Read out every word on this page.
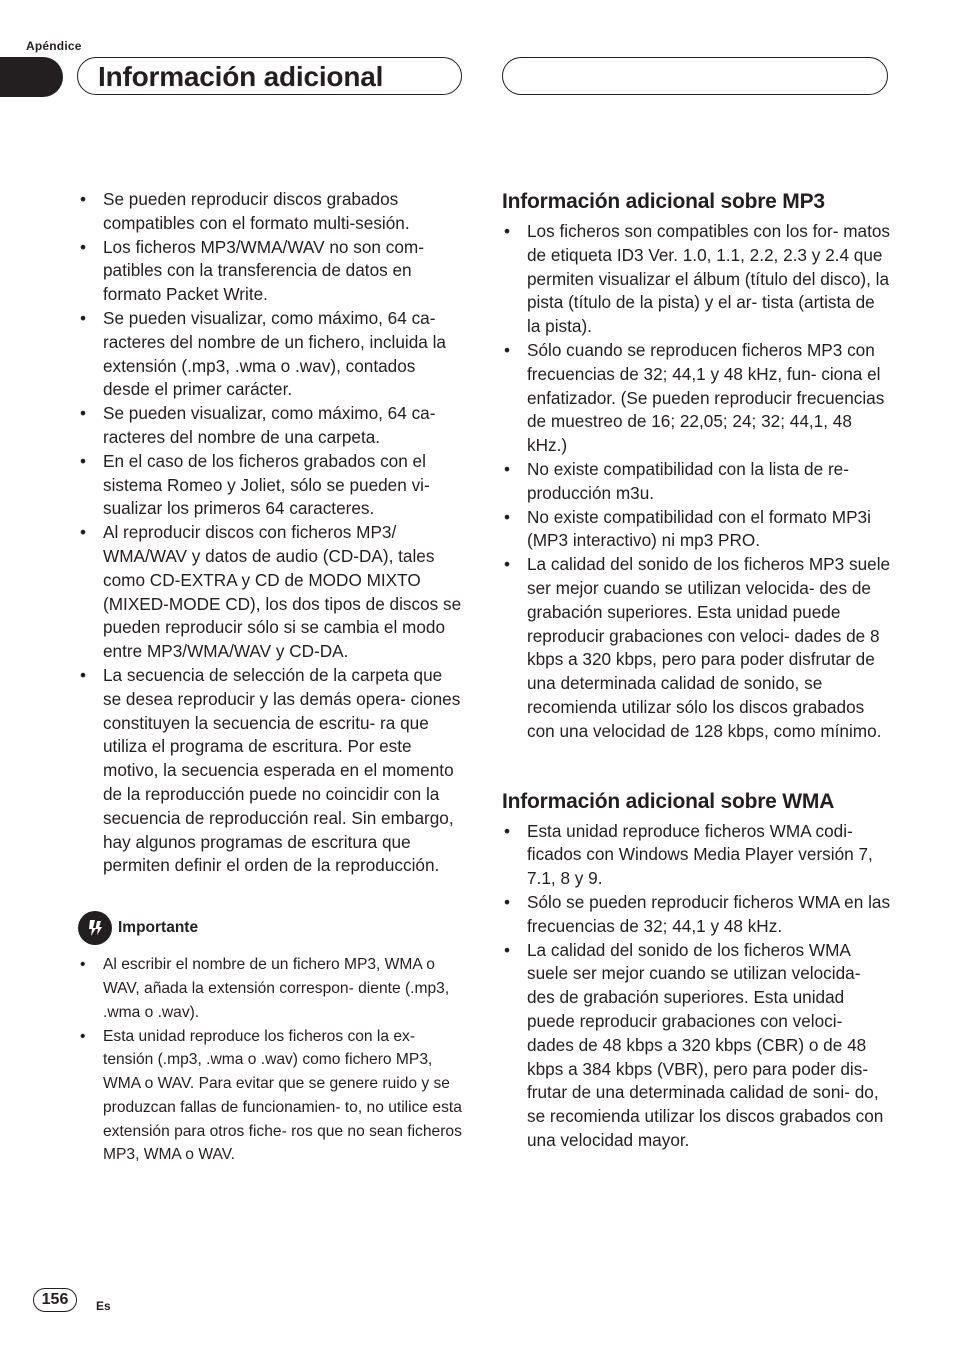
Apéndice
Información adicional
• Se pueden reproducir discos grabados compatibles con el formato multi-sesión.
• Los ficheros MP3/WMA/WAV no son com- patibles con la transferencia de datos en formato Packet Write.
• Se pueden visualizar, como máximo, 64 ca- racteres del nombre de un fichero, incluida la extensión (.mp3, .wma o .wav), contados desde el primer carácter.
• Se pueden visualizar, como máximo, 64 ca- racteres del nombre de una carpeta.
• En el caso de los ficheros grabados con el sistema Romeo y Joliet, sólo se pueden vi- sualizar los primeros 64 caracteres.
• Al reproducir discos con ficheros MP3/ WMA/WAV y datos de audio (CD-DA), tales como CD-EXTRA y CD de MODO MIXTO (MIXED-MODE CD), los dos tipos de discos se pueden reproducir sólo si se cambia el modo entre MP3/WMA/WAV y CD-DA.
• La secuencia de selección de la carpeta que se desea reproducir y las demás opera- ciones constituyen la secuencia de escritu- ra que utiliza el programa de escritura. Por este motivo, la secuencia esperada en el momento de la reproducción puede no coincidir con la secuencia de reproducción real. Sin embargo, hay algunos programas de escritura que permiten definir el orden de la reproducción.
Importante
• Al escribir el nombre de un fichero MP3, WMA o WAV, añada la extensión correspon- diente (.mp3, .wma o .wav).
• Esta unidad reproduce los ficheros con la ex- tensión (.mp3, .wma o .wav) como fichero MP3, WMA o WAV. Para evitar que se genere ruido y se produzcan fallas de funcionamien- to, no utilice esta extensión para otros fiche- ros que no sean ficheros MP3, WMA o WAV.
Información adicional sobre MP3
• Los ficheros son compatibles con los for- matos de etiqueta ID3 Ver. 1.0, 1.1, 2.2, 2.3 y 2.4 que permiten visualizar el álbum (título del disco), la pista (título de la pista) y el ar- tista (artista de la pista).
• Sólo cuando se reproducen ficheros MP3 con frecuencias de 32; 44,1 y 48 kHz, fun- ciona el enfatizador. (Se pueden reproducir frecuencias de muestreo de 16; 22,05; 24; 32; 44,1, 48 kHz.)
• No existe compatibilidad con la lista de re- producción m3u.
• No existe compatibilidad con el formato MP3i (MP3 interactivo) ni mp3 PRO.
• La calidad del sonido de los ficheros MP3 suele ser mejor cuando se utilizan velocida- des de grabación superiores. Esta unidad puede reproducir grabaciones con veloci- dades de 8 kbps a 320 kbps, pero para poder disfrutar de una determinada calidad de sonido, se recomienda utilizar sólo los discos grabados con una velocidad de 128 kbps, como mínimo.
Información adicional sobre WMA
• Esta unidad reproduce ficheros WMA codi- ficados con Windows Media Player versión 7, 7.1, 8 y 9.
• Sólo se pueden reproducir ficheros WMA en las frecuencias de 32; 44,1 y 48 kHz.
• La calidad del sonido de los ficheros WMA suele ser mejor cuando se utilizan velocida- des de grabación superiores. Esta unidad puede reproducir grabaciones con veloci- dades de 48 kbps a 320 kbps (CBR) o de 48 kbps a 384 kbps (VBR), pero para poder dis- frutar de una determinada calidad de soni- do, se recomienda utilizar los discos grabados con una velocidad mayor.
156	Es
